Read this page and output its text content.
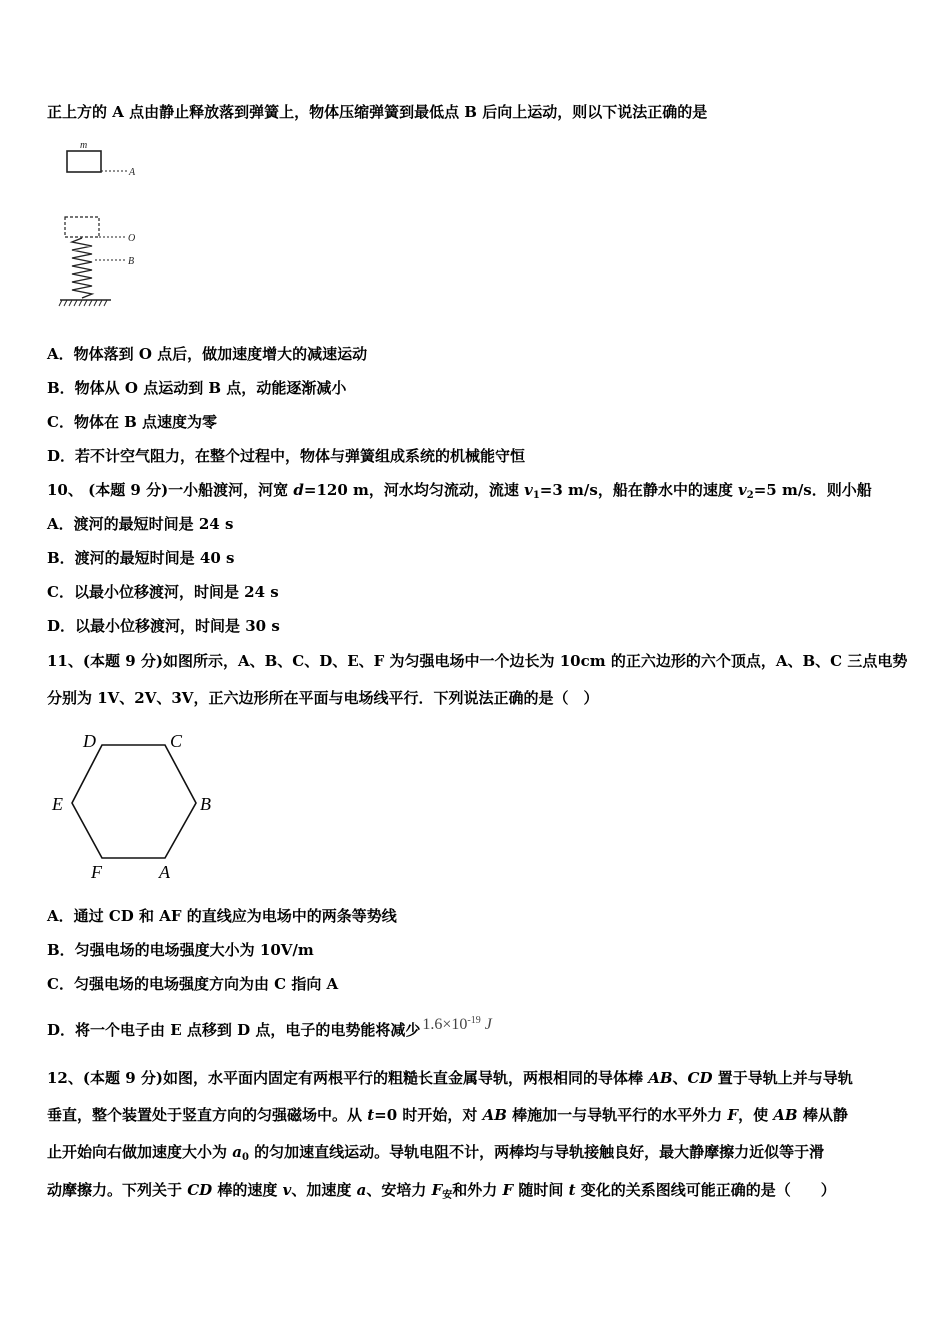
正上方的 A 点由静止释放落到弹簧上，物体压缩弹簧到最低点 B 后向上运动，则以下说法正确的是
m
A
O
B
A．物体落到 O 点后，做加速度增大的减速运动
B．物体从 O 点运动到 B 点，动能逐渐减小
C．物体在 B 点速度为零
D．若不计空气阻力，在整个过程中，物体与弹簧组成系统的机械能守恒
10、 (本题 9 分)一小船渡河，河宽 d=120 m，河水均匀流动，流速 $v_1=3$ m/s，船在静水中的速度 $v_2=5$ m/s．则小船
A．渡河的最短时间是 24 s
B．渡河的最短时间是 40 s
C．以最小位移渡河，时间是 24 s
D．以最小位移渡河，时间是 30 s
11、(本题 9 分)如图所示，A、B、C、D、E、F 为匀强电场中一个边长为 10cm 的正六边形的六个顶点，A、B、C 三点电势
分别为 1V、2V、3V，正六边形所在平面与电场线平行．下列说法正确的是（　）
D	C
E	B
F	A
A．通过 CD 和 AF 的直线应为电场中的两条等势线
B．匀强电场的电场强度大小为 10V/m
C．匀强电场的电场强度方向为由 C 指向 A
D．将一个电子由 E 点移到 D 点，电子的电势能将减少 $1.6\times 10^{-19}$ J
12、(本题 9 分)如图，水平面内固定有两根平行的粗糙长直金属导轨，两根相同的导体棒 AB、CD 置于导轨上并与导轨
垂直，整个装置处于竖直方向的匀强磁场中。从 t=0 时开始，对 AB 棒施加一与导轨平行的水平外力 F，使 AB 棒从静
止开始向右做加速度大小为 $a_0$ 的匀加速直线运动。导轨电阻不计，两棒均与导轨接触良好，最大静摩擦力近似等于滑
动摩擦力。下列关于 CD 棒的速度 v、加速度 a、安培力 $F_安$和外力 F 随时间 t 变化的关系图线可能正确的是（　　）
